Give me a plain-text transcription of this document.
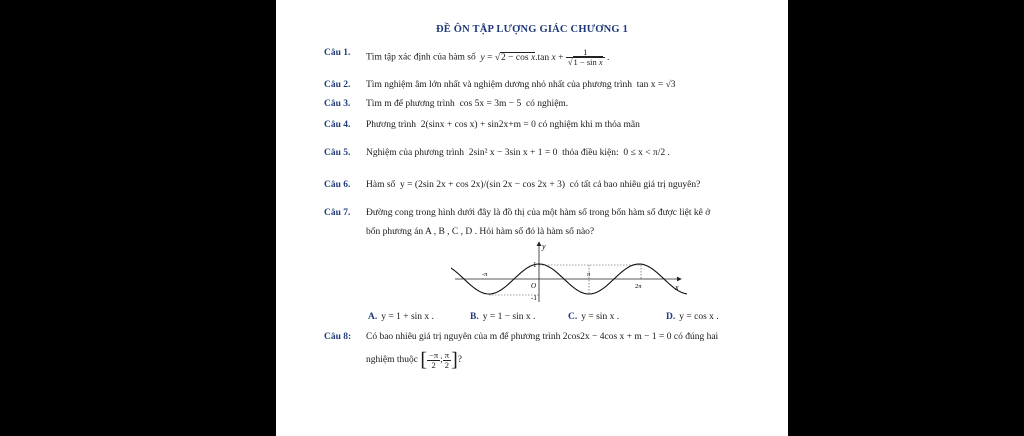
ĐỀ ÔN TẬP LƯỢNG GIÁC CHƯƠNG 1
Câu 1. Tìm tập xác định của hàm số y = √2 − cos x.tan $x + \frac{1}{\text{√1 − sin x}}$ .
Câu 2. Tìm nghiệm âm lớn nhất và nghiệm dương nhỏ nhất của phương trình tan x = √3
Câu 3. Tìm m để phương trình cos 5x = 3m − 5 có nghiệm.
Câu 4. Phương trình 2(sinx + cos x) + sin2x+m = 0 có nghiệm khi m thỏa mãn
Câu 5. Nghiệm của phương trình 2sin² x − 3sin x + 1 = 0 thỏa điều kiện: 0 ≤ x < π/2 .
Câu 6. Hàm số y = (2sin 2x + cos 2x)/(sin 2x − cos 2x + 3) có tất cả bao nhiêu giá trị nguyên?
Câu 7. Đường cong trong hình dưới đây là đồ thị của một hàm số trong bốn hàm số được liệt kê ở
bốn phương án A , B , C , D . Hỏi hàm số đó là hàm số nào?
y
x
O
1
-1
-π	π
2π
A. y = 1 + sin x .	B. y = 1 − sin x .	C. y = sin x .	D. y = cos x .
Câu 8: Có bao nhiêu giá trị nguyên của m để phương trình 2cos2x − 4cos x + m − 1 = 0 có đúng hai
nghiệm thuộc [ $\frac{-\pi}{2}$ ; $\frac{\pi}{2}$ ]?
